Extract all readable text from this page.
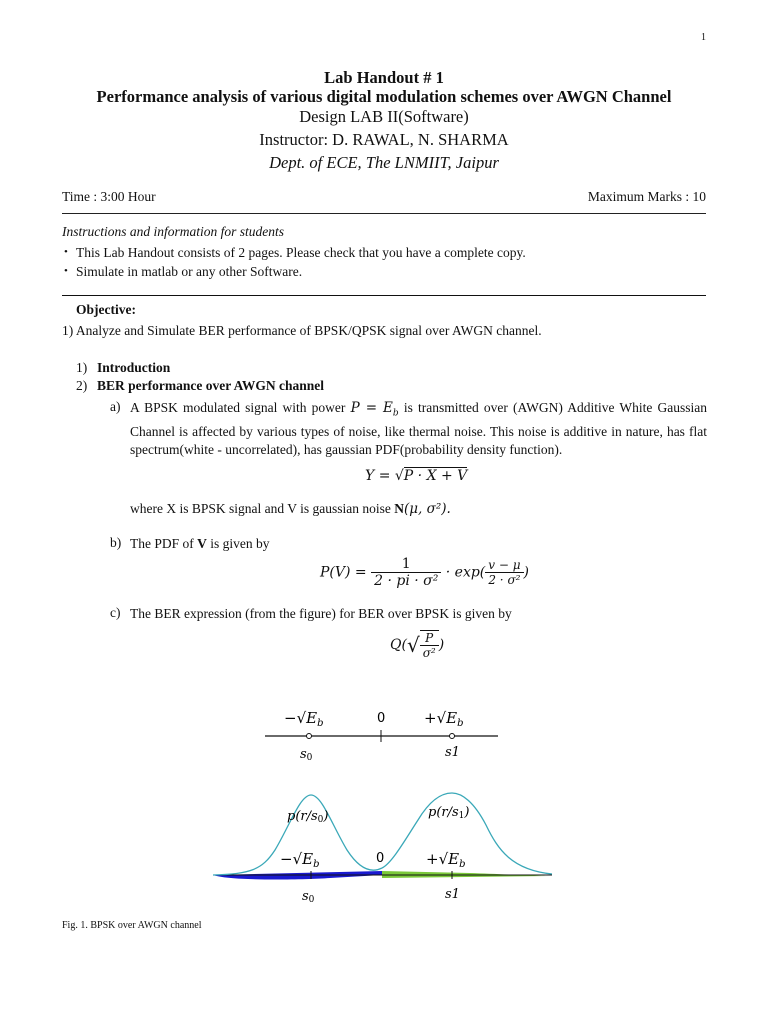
1
Lab Handout # 1
Performance analysis of various digital modulation schemes over AWGN Channel
Design LAB II(Software)
Instructor: D. RAWAL, N. SHARMA
Dept. of ECE, The LNMIIT, Jaipur
Time : 3:00 Hour	Maximum Marks : 10
Instructions and information for students
• This Lab Handout consists of 2 pages. Please check that you have a complete copy.
• Simulate in matlab or any other Software.
Objective:
1) Analyze and Simulate BER performance of BPSK/QPSK signal over AWGN channel.
1) Introduction
2) BER performance over AWGN channel
a) A BPSK modulated signal with power $P = E_b$ is transmitted over (AWGN) Additive White Gaussian Channel is affected by various types of noise, like thermal noise. This noise is additive in nature, has flat spectrum(white - uncorrelated), has gaussian PDF(probability density function).
Y = √P · X + V
where X is BPSK signal and V is gaussian noise N(μ, σ²).
b) The PDF of V is given by
$P(V) = \frac{1}{\text{2 · pi · σ²}} \cdot \exp( \frac{v - \mu}{\text{2 · σ²}}$ )
c) The BER expression (from the figure) for BER over BPSK is given by
$Q(√ \frac{P}{\text{σ²}}$ )
$-√E_b$	0	$+√E_b$
s0	s1
p(r/s0)	p(r/s1)
$-√E_b$	0	$+√E_b$
s0	s1
Fig. 1. BPSK over AWGN channel
